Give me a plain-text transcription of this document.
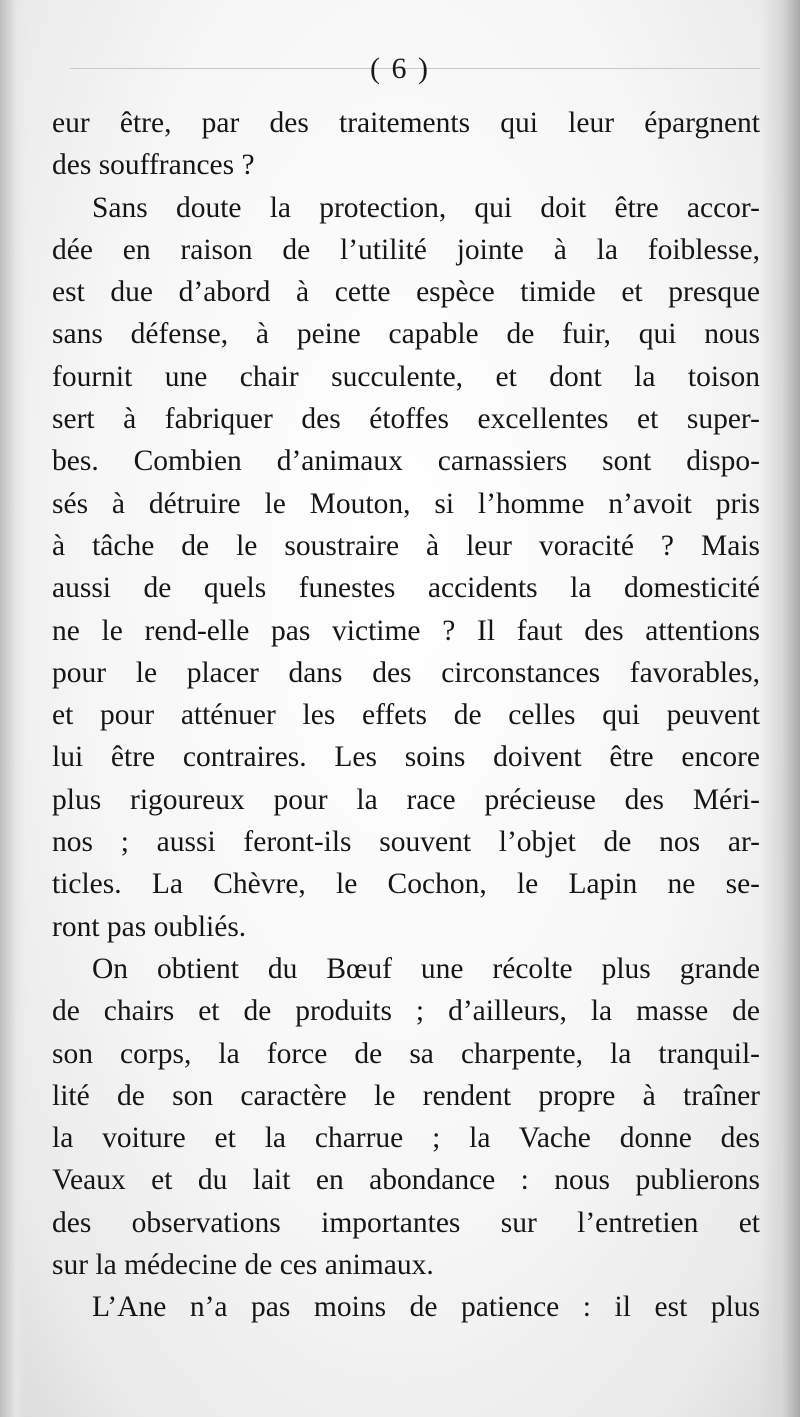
( 6 )
eur être, par des traitements qui leur épargnent
des souffrances ?
Sans doute la protection, qui doit être accor-
dée en raison de l’utilité jointe à la foiblesse,
est due d’abord à cette espèce timide et presque
sans défense, à peine capable de fuir, qui nous
fournit une chair succulente, et dont la toison
sert à fabriquer des étoffes excellentes et super-
bes. Combien d’animaux carnassiers sont dispo-
sés à détruire le Mouton, si l’homme n’avoit pris
à tâche de le soustraire à leur voracité ? Mais
aussi de quels funestes accidents la domesticité
ne le rend-elle pas victime ? Il faut des attentions
pour le placer dans des circonstances favorables,
et pour atténuer les effets de celles qui peuvent
lui être contraires. Les soins doivent être encore
plus rigoureux pour la race précieuse des Méri-
nos ; aussi feront-ils souvent l’objet de nos ar-
ticles. La Chèvre, le Cochon, le Lapin ne se-
ront pas oubliés.
On obtient du Bœuf une récolte plus grande
de chairs et de produits ; d’ailleurs, la masse de
son corps, la force de sa charpente, la tranquil-
lité de son caractère le rendent propre à traîner
la voiture et la charrue ; la Vache donne des
Veaux et du lait en abondance : nous publierons
des observations importantes sur l’entretien et
sur la médecine de ces animaux.
L’Ane n’a pas moins de patience : il est plus
